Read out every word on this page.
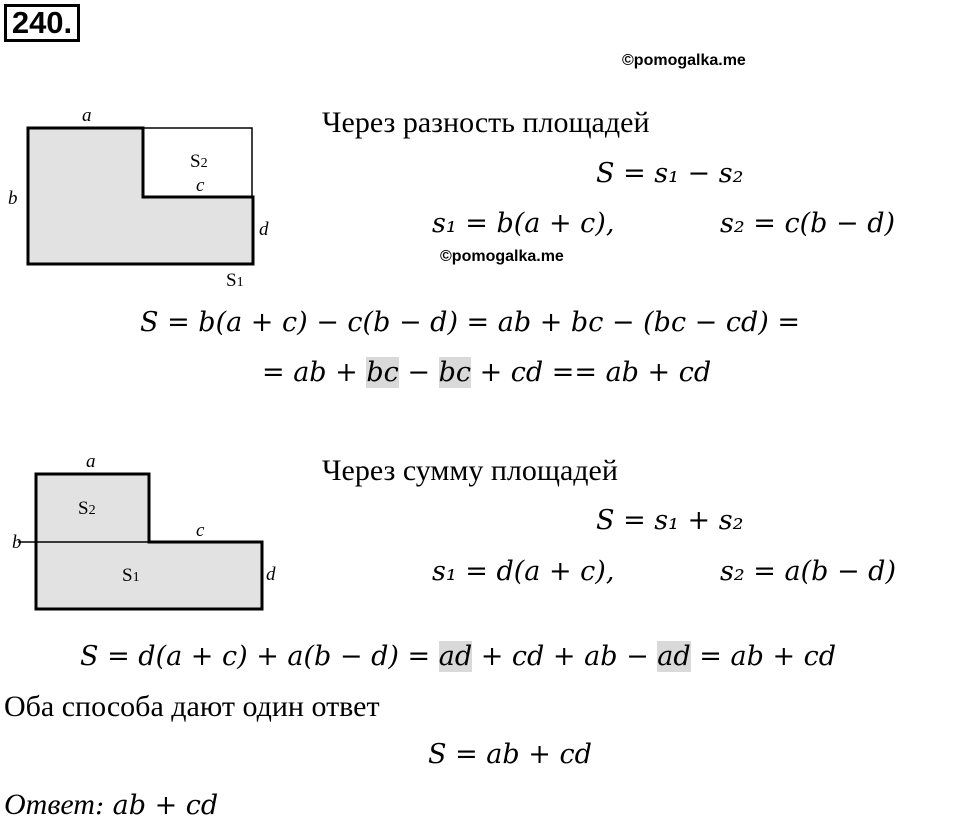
240.
©pomogalka.me
a
b
c
d
S2
S1
Через разность площадей
S = s₁ − s₂
s₁ = b(a + c),	s₂ = c(b − d)
©pomogalka.me
S = b(a + c) − c(b − d) = ab + bc − (bc − cd) =
= ab + bc − bc + cd == ab + cd
a
b
c
d
S2
S1
Через сумму площадей
S = s₁ + s₂
s₁ = d(a + c),	s₂ = a(b − d)
S = d(a + c) + a(b − d) = ad + cd + ab − ad = ab + cd
Оба способа дают один ответ
S = ab + cd
Ответ: ab + cd
